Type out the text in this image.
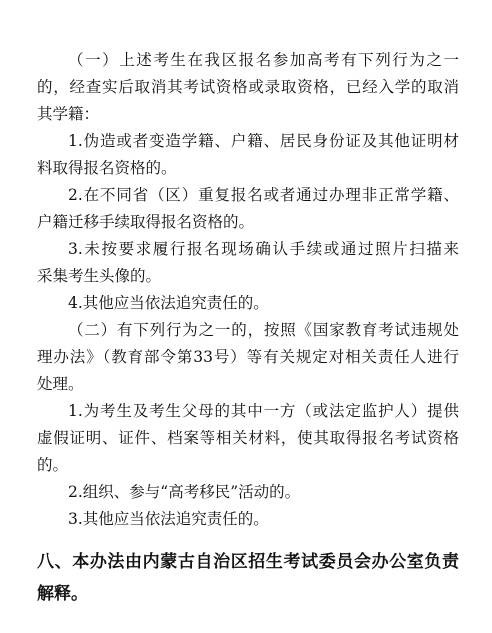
（一）上述考生在我区报名参加高考有下列行为之一
的，经查实后取消其考试资格或录取资格，已经入学的取消
其学籍：
1.伪造或者变造学籍、户籍、居民身份证及其他证明材
料取得报名资格的。
2.在不同省（区）重复报名或者通过办理非正常学籍、
户籍迁移手续取得报名资格的。
3.未按要求履行报名现场确认手续或通过照片扫描来
采集考生头像的。
4.其他应当依法追究责任的。
（二）有下列行为之一的，按照《国家教育考试违规处
理办法》（教育部令第33号）等有关规定对相关责任人进行
处理。
1.为考生及考生父母的其中一方（或法定监护人）提供
虚假证明、证件、档案等相关材料，使其取得报名考试资格
的。
2.组织、参与“高考移民”活动的。
3.其他应当依法追究责任的。
八、本办法由内蒙古自治区招生考试委员会办公室负责
解释。
